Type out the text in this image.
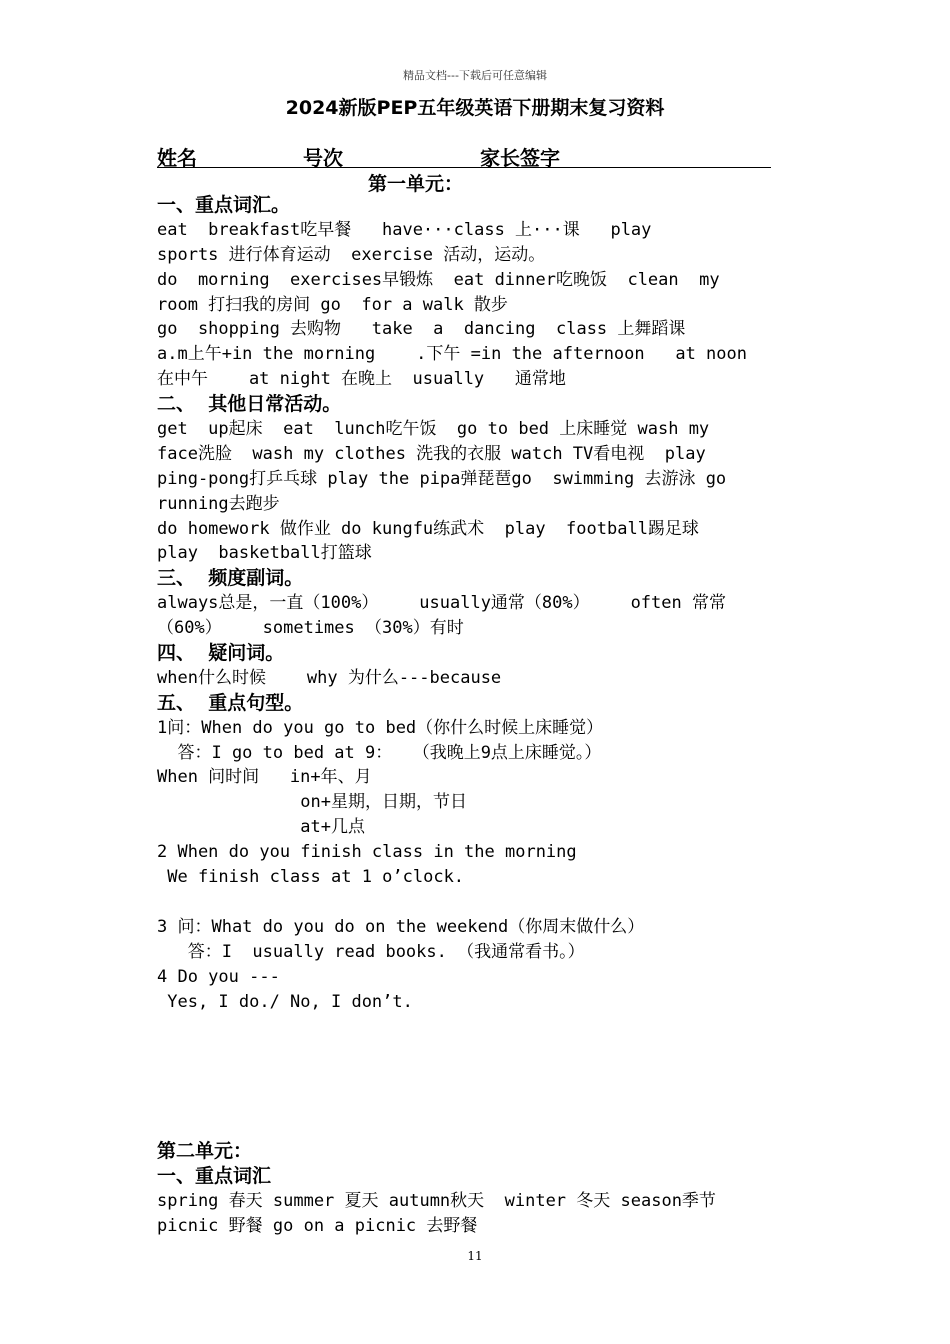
精品文档---下载后可任意编辑
2024新版PEP五年级英语下册期末复习资料
姓名	号次	家长签字
第一单元：
一、重点词汇。
eat  breakfast吃早餐   have···class 上···课   play
sports 进行体育运动  exercise 活动，运动。
do  morning  exercises早锻炼  eat dinner吃晚饭  clean  my
room 打扫我的房间 go  for a walk 散步
go  shopping 去购物   take  a  dancing  class 上舞蹈课
a.m上午+in the morning    .下午 =in the afternoon   at noon
在中午    at night 在晚上  usually   通常地
二、  其他日常活动。
get  up起床  eat  lunch吃午饭  go to bed 上床睡觉 wash my
face洗脸  wash my clothes 洗我的衣服 watch TV看电视  play
ping-pong打乒乓球 play the pipa弹琵琶go  swimming 去游泳 go
running去跑步
do homework 做作业 do kungfu练武术  play  football踢足球
play  basketball打篮球
三、  频度副词。
always总是，一直（100%）    usually通常（80%）    often 常常
（60%）    sometimes （30%）有时
四、  疑问词。
when什么时候    why 为什么---because
五、  重点句型。
1问：When do you go to bed（你什么时候上床睡觉）
答：I go to bed at 9：  （我晚上9点上床睡觉。）
When 问时间   in+年、月
on+星期，日期，节日
at+几点
2 When do you finish class in the morning
We finish class at 1 o’clock.
3 问：What do you do on the weekend（你周末做什么）
答：I  usually read books. （我通常看书。）
4 Do you ---
Yes, I do./ No, I don’t.
第二单元：
一、重点词汇
spring 春天 summer 夏天 autumn秋天  winter 冬天 season季节
picnic 野餐 go on a picnic 去野餐
11
